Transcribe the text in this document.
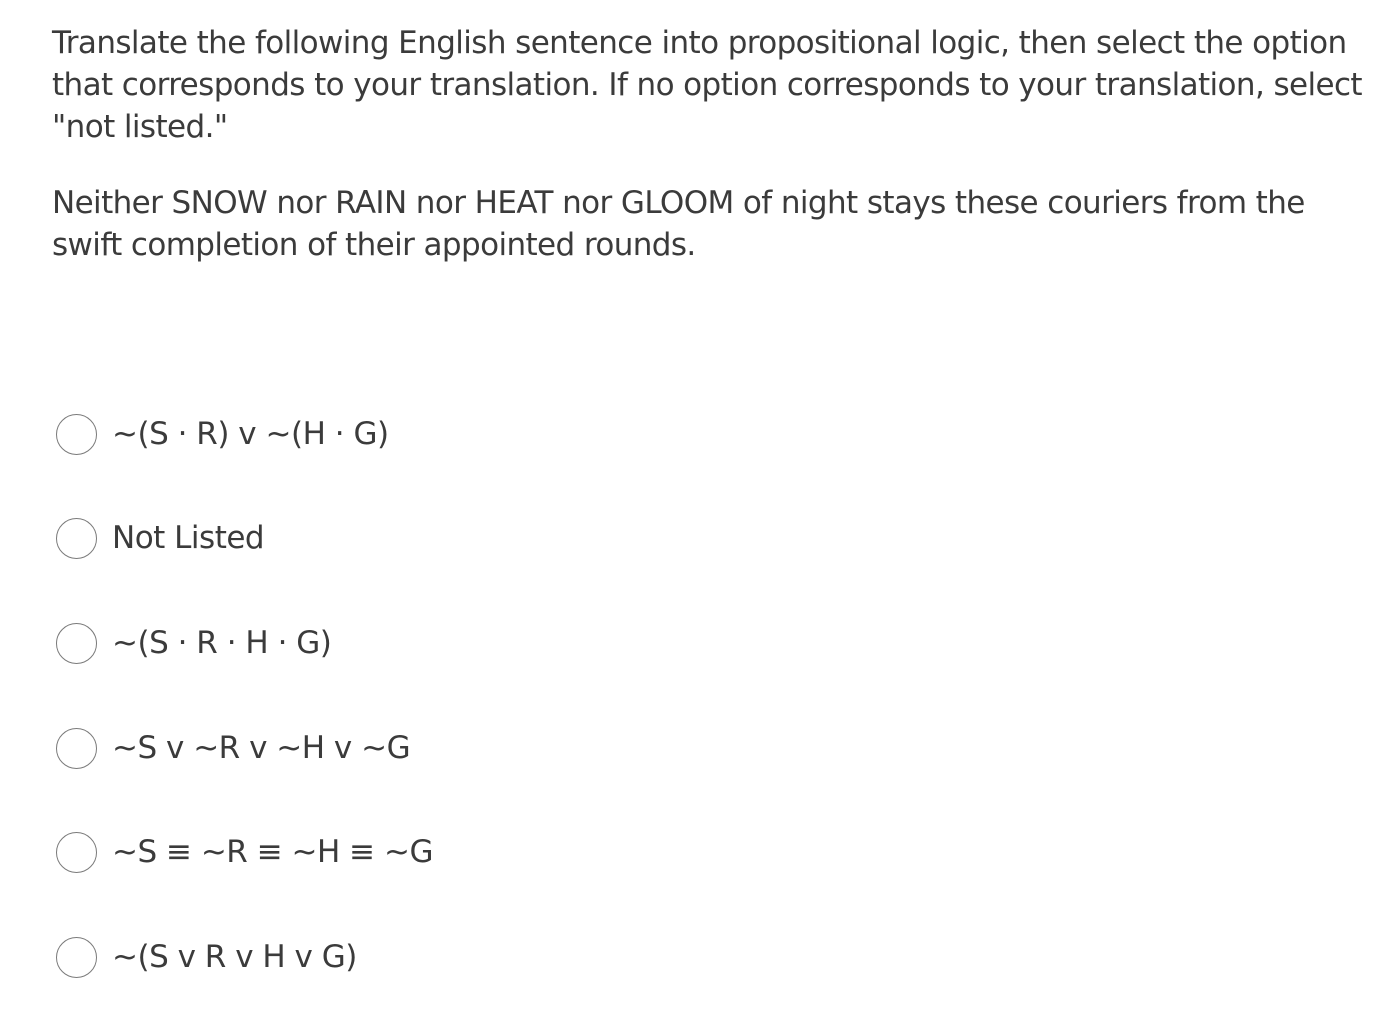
Translate the following English sentence into propositional logic, then select the option that corresponds to your translation. If no option corresponds to your translation, select "not listed."

Neither SNOW nor RAIN nor HEAT nor GLOOM of night stays these couriers from the swift completion of their appointed rounds.

~(S · R) v ~(H · G)
Not Listed
~(S · R · H · G)
~S v ~R v ~H v ~G
~S ≡ ~R ≡ ~H ≡ ~G
~(S v R v H v G)
